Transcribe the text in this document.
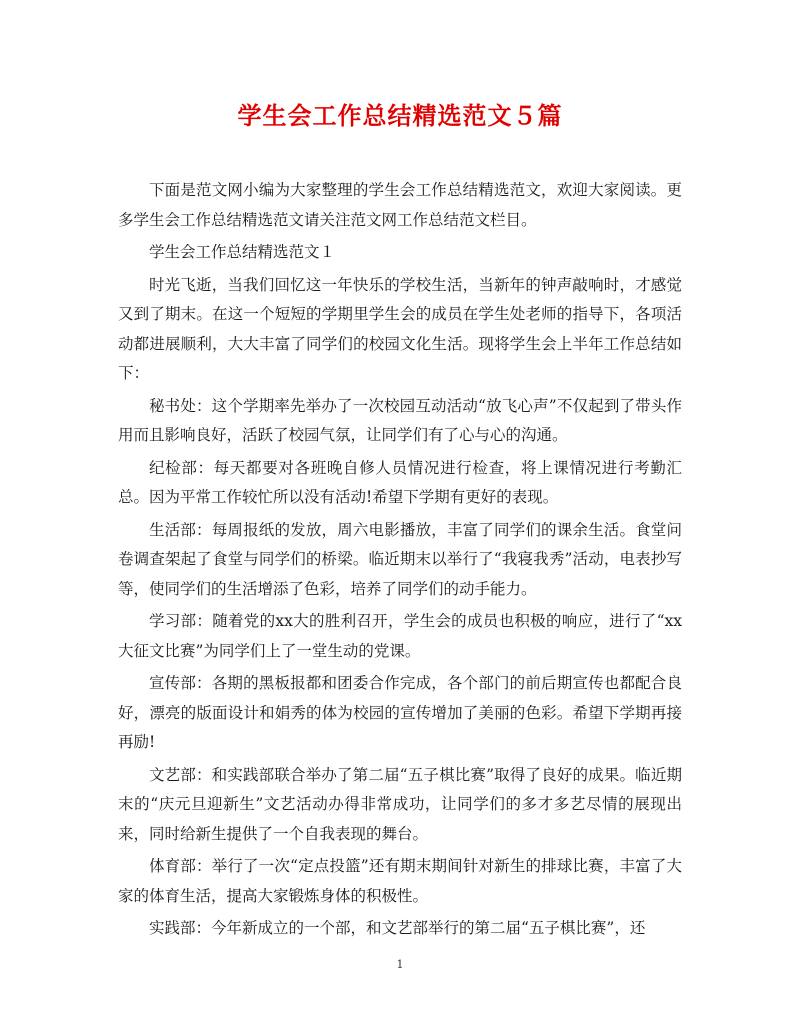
学生会工作总结精选范文５篇

下面是范文网小编为大家整理的学生会工作总结精选范文，欢迎大家阅读。更多学生会工作总结精选范文请关注范文网工作总结范文栏目。

学生会工作总结精选范文１

时光飞逝，当我们回忆这一年快乐的学校生活，当新年的钟声敲响时，才感觉又到了期末。在这一个短短的学期里学生会的成员在学生处老师的指导下，各项活动都进展顺利，大大丰富了同学们的校园文化生活。现将学生会上半年工作总结如下：

秘书处：这个学期率先举办了一次校园互动活动“放飞心声”不仅起到了带头作用而且影响良好，活跃了校园气氛，让同学们有了心与心的沟通。

纪检部：每天都要对各班晚自修人员情况进行检查，将上课情况进行考勤汇总。因为平常工作较忙所以没有活动!希望下学期有更好的表现。

生活部：每周报纸的发放，周六电影播放，丰富了同学们的课余生活。食堂问卷调查架起了食堂与同学们的桥梁。临近期末以举行了“我寝我秀”活动，电表抄写等，使同学们的生活增添了色彩，培养了同学们的动手能力。

学习部：随着党的xx大的胜利召开，学生会的成员也积极的响应，进行了“xx大征文比赛”为同学们上了一堂生动的党课。

宣传部：各期的黑板报都和团委合作完成，各个部门的前后期宣传也都配合良好，漂亮的版面设计和娟秀的体为校园的宣传增加了美丽的色彩。希望下学期再接再励!

文艺部：和实践部联合举办了第二届“五子棋比赛”取得了良好的成果。临近期末的“庆元旦迎新生”文艺活动办得非常成功，让同学们的多才多艺尽情的展现出来，同时给新生提供了一个自我表现的舞台。

体育部：举行了一次“定点投篮”还有期末期间针对新生的排球比赛，丰富了大家的体育生活，提高大家锻炼身体的积极性。

实践部：今年新成立的一个部，和文艺部举行的第二届“五子棋比赛”，还

1
